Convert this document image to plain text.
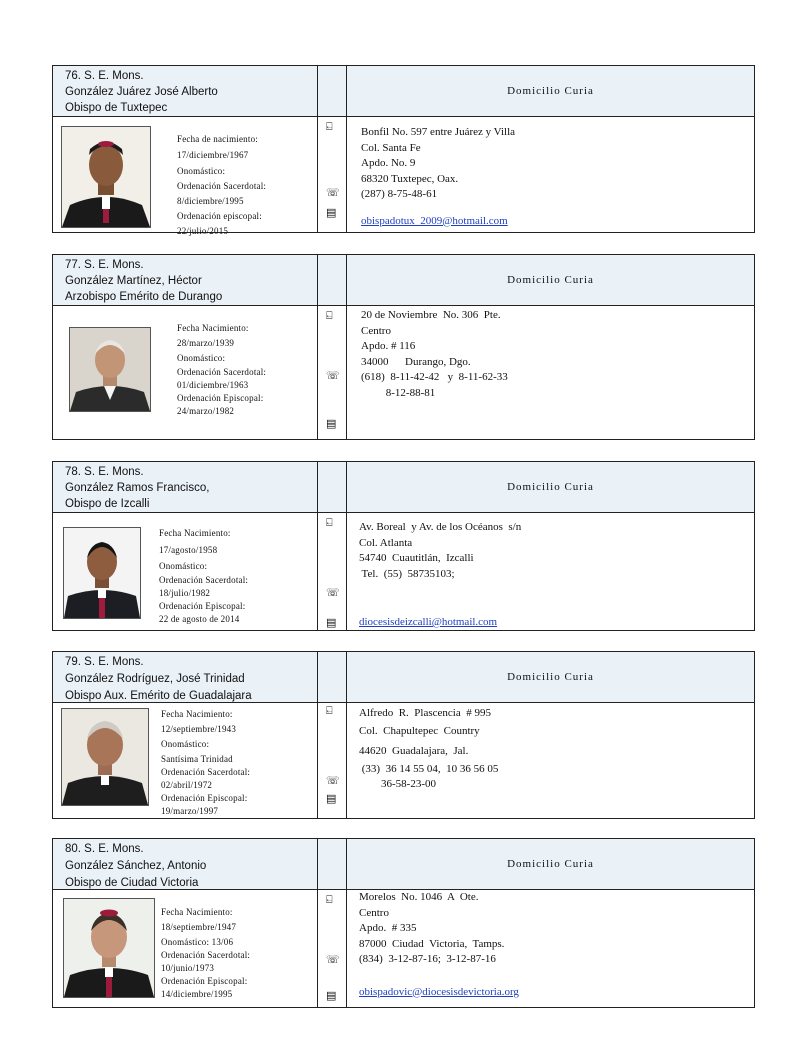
76. S. E. Mons.
González Juárez José Alberto
Obispo de Tuxtepec
Domicilio Curia
Fecha de nacimiento:
17/diciembre/1967
Onomástico:
Ordenación Sacerdotal:
8/diciembre/1995
Ordenación episcopal:
22/julio/2015
⍇
☏
▤
Bonfil No. 597 entre Juárez y Villa
Col. Santa Fe
Apdo. No. 9
68320 Tuxtepec, Oax.
(287) 8-75-48-61
obispadotux_2009@hotmail.com
77. S. E. Mons.
González Martínez, Héctor
Arzobispo Emérito de Durango
Domicilio Curia
Fecha Nacimiento:
28/marzo/1939
Onomástico:
Ordenación Sacerdotal:
01/diciembre/1963
Ordenación Episcopal:
24/marzo/1982
⍇
☏
▤
20 de Noviembre  No. 306  Pte.
Centro
Apdo. # 116
34000      Durango, Dgo.
(618)  8-11-42-42   y  8-11-62-33
8-12-88-81
78. S. E. Mons.
González Ramos Francisco,
Obispo de Izcalli
Domicilio Curia
Fecha Nacimiento:
17/agosto/1958
Onomástico:
Ordenación Sacerdotal:
18/julio/1982
Ordenación Episcopal:
22 de agosto de 2014
⍇
☏
▤
Av. Boreal  y Av. de los Océanos  s/n
Col. Atlanta
54740  Cuautitlán,  Izcalli
Tel.  (55)  58735103;
diocesisdeizcalli@hotmail.com
79. S. E. Mons.
González Rodríguez, José Trinidad
Obispo Aux. Emérito de Guadalajara
Domicilio Curia
Fecha Nacimiento:
12/septiembre/1943
Onomástico:
Santísima Trinidad
Ordenación Sacerdotal:
02/abril/1972
Ordenación Episcopal:
19/marzo/1997
⍇
☏
▤
Alfredo  R.  Plascencia  # 995
Col.  Chapultepec  Country
44620  Guadalajara,  Jal.
(33)  36 14 55 04,  10 36 56 05
36-58-23-00
80. S. E. Mons.
González Sánchez, Antonio
Obispo de Ciudad Victoria
Domicilio Curia
Fecha Nacimiento:
18/septiembre/1947
Onomástico: 13/06
Ordenación Sacerdotal:
10/junio/1973
Ordenación Episcopal:
14/diciembre/1995
⍇
☏
▤
Morelos  No. 1046  A  Ote.
Centro
Apdo.  # 335
87000  Ciudad  Victoria,  Tamps.
(834)  3-12-87-16;  3-12-87-16
obispadovic@diocesisdevictoria.org
